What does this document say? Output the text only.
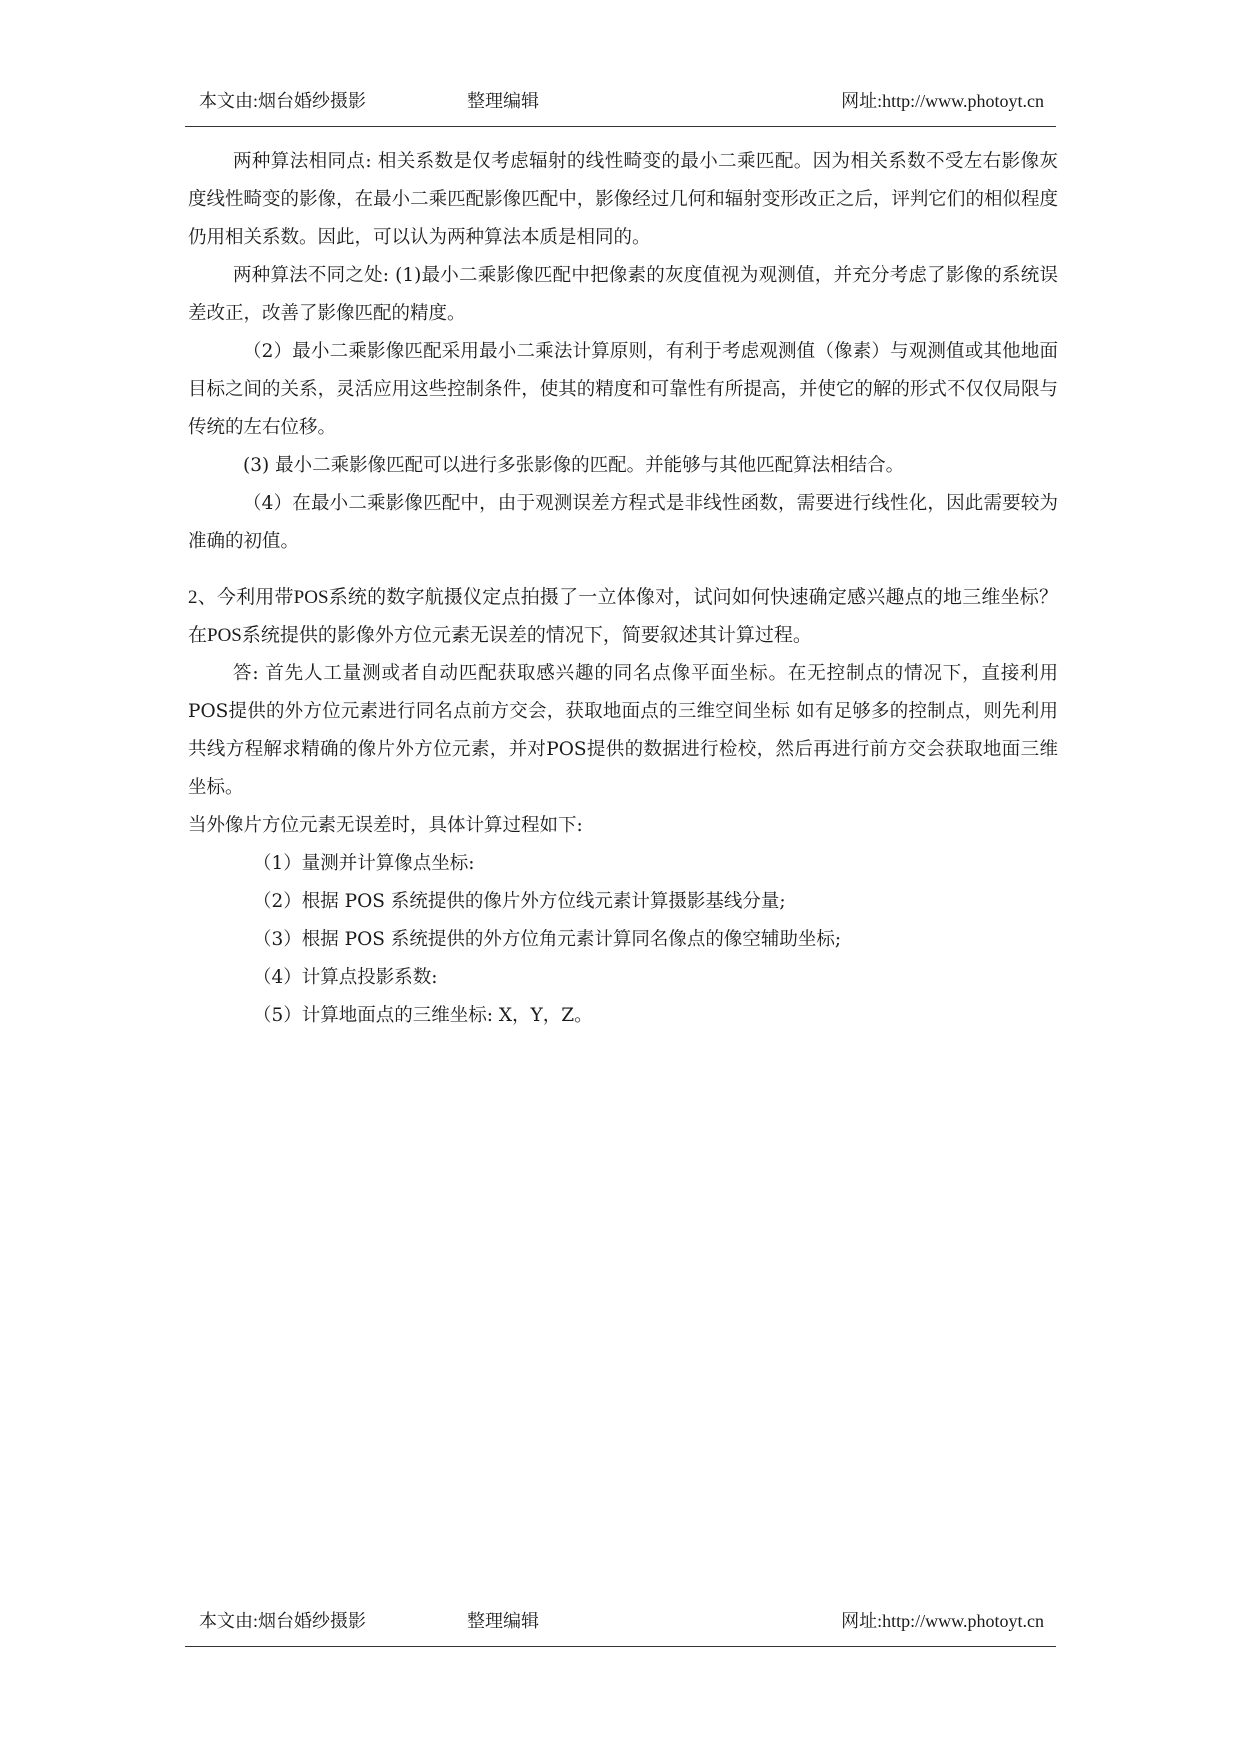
本文由:烟台婚纱摄影	整理编辑	网址:http://www.photoyt.cn

两种算法相同点: 相关系数是仅考虑辐射的线性畸变的最小二乘匹配。因为相关系数不受左右影像灰度线性畸变的影像，在最小二乘匹配影像匹配中，影像经过几何和辐射变形改正之后，评判它们的相似程度仍用相关系数。因此，可以认为两种算法本质是相同的。

两种算法不同之处: (1)最小二乘影像匹配中把像素的灰度值视为观测值，并充分考虑了影像的系统误差改正，改善了影像匹配的精度。

（2）最小二乘影像匹配采用最小二乘法计算原则，有利于考虑观测值（像素）与观测值或其他地面目标之间的关系，灵活应用这些控制条件，使其的精度和可靠性有所提高，并使它的解的形式不仅仅局限与传统的左右位移。

(3) 最小二乘影像匹配可以进行多张影像的匹配。并能够与其他匹配算法相结合。

（4）在最小二乘影像匹配中，由于观测误差方程式是非线性函数，需要进行线性化，因此需要较为准确的初值。

2、今利用带POS系统的数字航摄仪定点拍摄了一立体像对，试问如何快速确定感兴趣点的地三维坐标？在POS系统提供的影像外方位元素无误差的情况下，简要叙述其计算过程。

答: 首先人工量测或者自动匹配获取感兴趣的同名点像平面坐标。在无控制点的情况下，直接利用POS提供的外方位元素进行同名点前方交会，获取地面点的三维空间坐标 如有足够多的控制点，则先利用共线方程解求精确的像片外方位元素，并对POS提供的数据进行检校，然后再进行前方交会获取地面三维坐标。

当外像片方位元素无误差时，具体计算过程如下:

（1）量测并计算像点坐标:

（2）根据 POS 系统提供的像片外方位线元素计算摄影基线分量;

（3）根据 POS 系统提供的外方位角元素计算同名像点的像空辅助坐标;

（4）计算点投影系数:

（5）计算地面点的三维坐标: X，Y，Z。

本文由:烟台婚纱摄影	整理编辑	网址:http://www.photoyt.cn
